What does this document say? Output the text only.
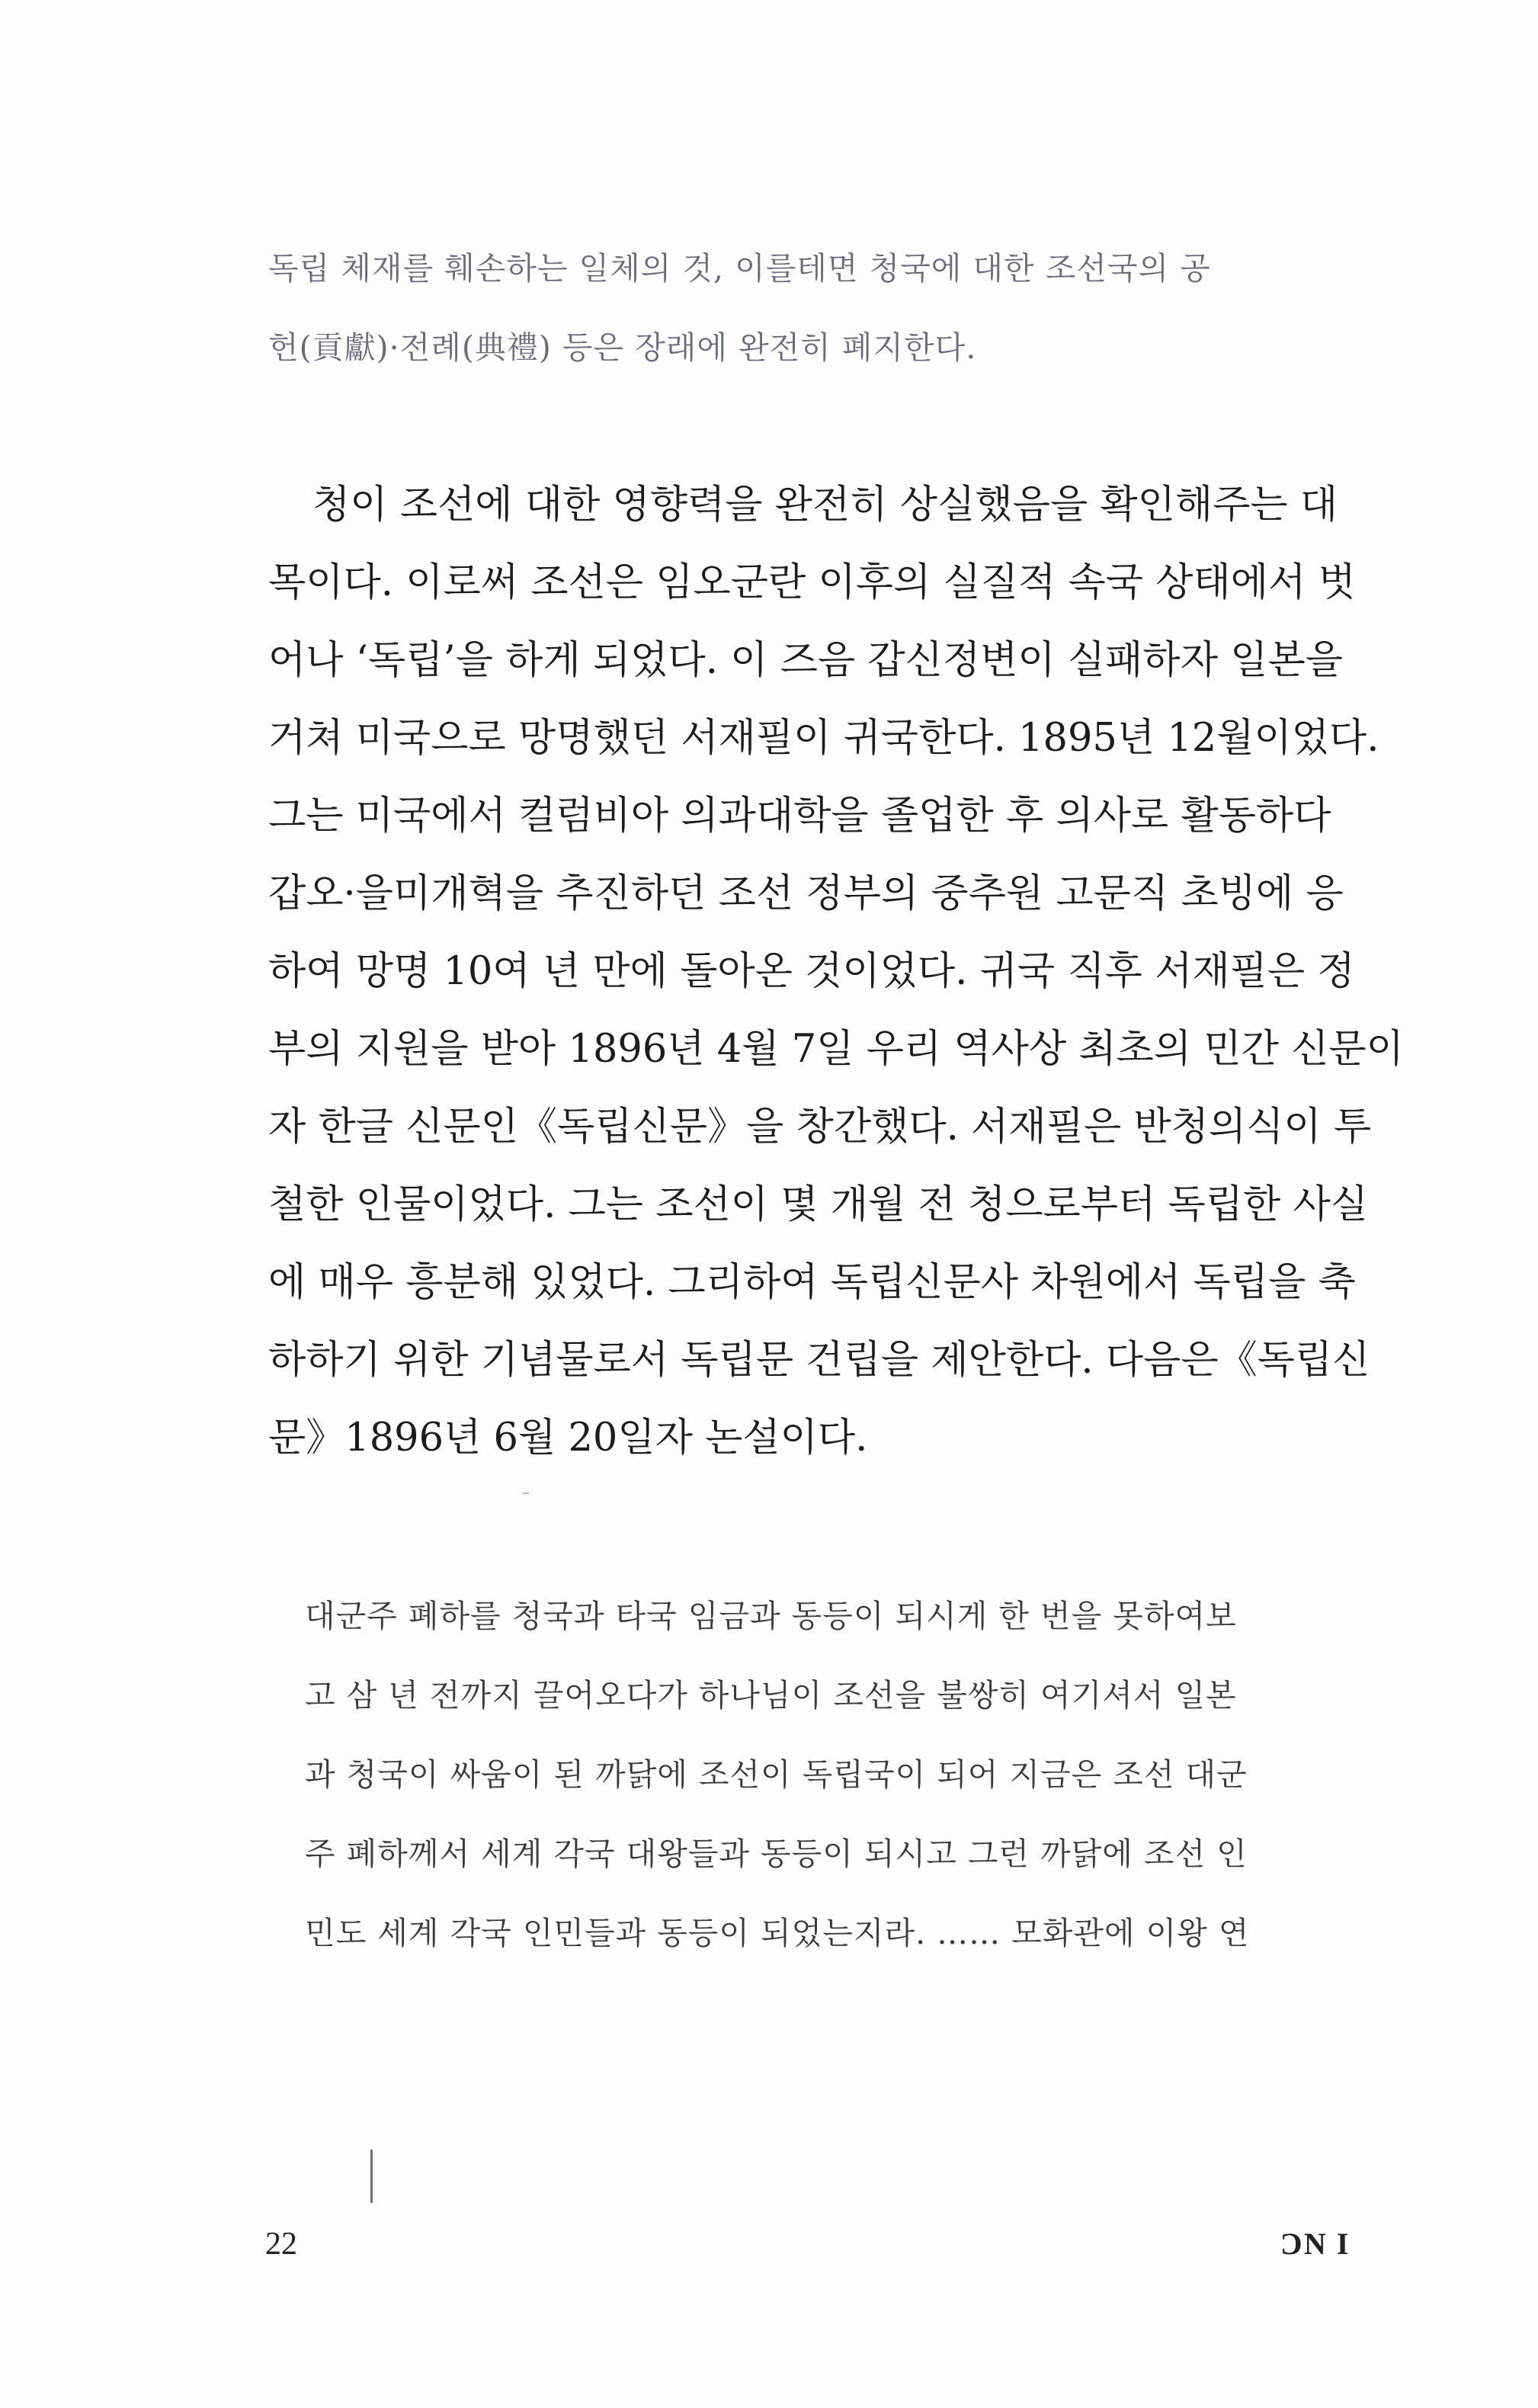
독립 체재를 훼손하는 일체의 것, 이를테면 청국에 대한 조선국의 공
헌(貢獻)·전례(典禮) 등은 장래에 완전히 폐지한다.
청이 조선에 대한 영향력을 완전히 상실했음을 확인해주는 대
목이다. 이로써 조선은 임오군란 이후의 실질적 속국 상태에서 벗
어나 ‘독립’을 하게 되었다. 이 즈음 갑신정변이 실패하자 일본을
거쳐 미국으로 망명했던 서재필이 귀국한다. 1895년 12월이었다.
그는 미국에서 컬럼비아 의과대학을 졸업한 후 의사로 활동하다
갑오·을미개혁을 추진하던 조선 정부의 중추원 고문직 초빙에 응
하여 망명 10여 년 만에 돌아온 것이었다. 귀국 직후 서재필은 정
부의 지원을 받아 1896년 4월 7일 우리 역사상 최초의 민간 신문이
자 한글 신문인《독립신문》을 창간했다. 서재필은 반청의식이 투
철한 인물이었다. 그는 조선이 몇 개월 전 청으로부터 독립한 사실
에 매우 흥분해 있었다. 그리하여 독립신문사 차원에서 독립을 축
하하기 위한 기념물로서 독립문 건립을 제안한다. 다음은《독립신
문》1896년 6월 20일자 논설이다.
대군주 폐하를 청국과 타국 임금과 동등이 되시게 한 번을 못하여보
고 삼 년 전까지 끌어오다가 하나님이 조선을 불쌍히 여기셔서 일본
과 청국이 싸움이 된 까닭에 조선이 독립국이 되어 지금은 조선 대군
주 폐하께서 세계 각국 대왕들과 동등이 되시고 그런 까닭에 조선 인
민도 세계 각국 인민들과 동등이 되었는지라. …… 모화관에 이왕 연
22	ϽN I
